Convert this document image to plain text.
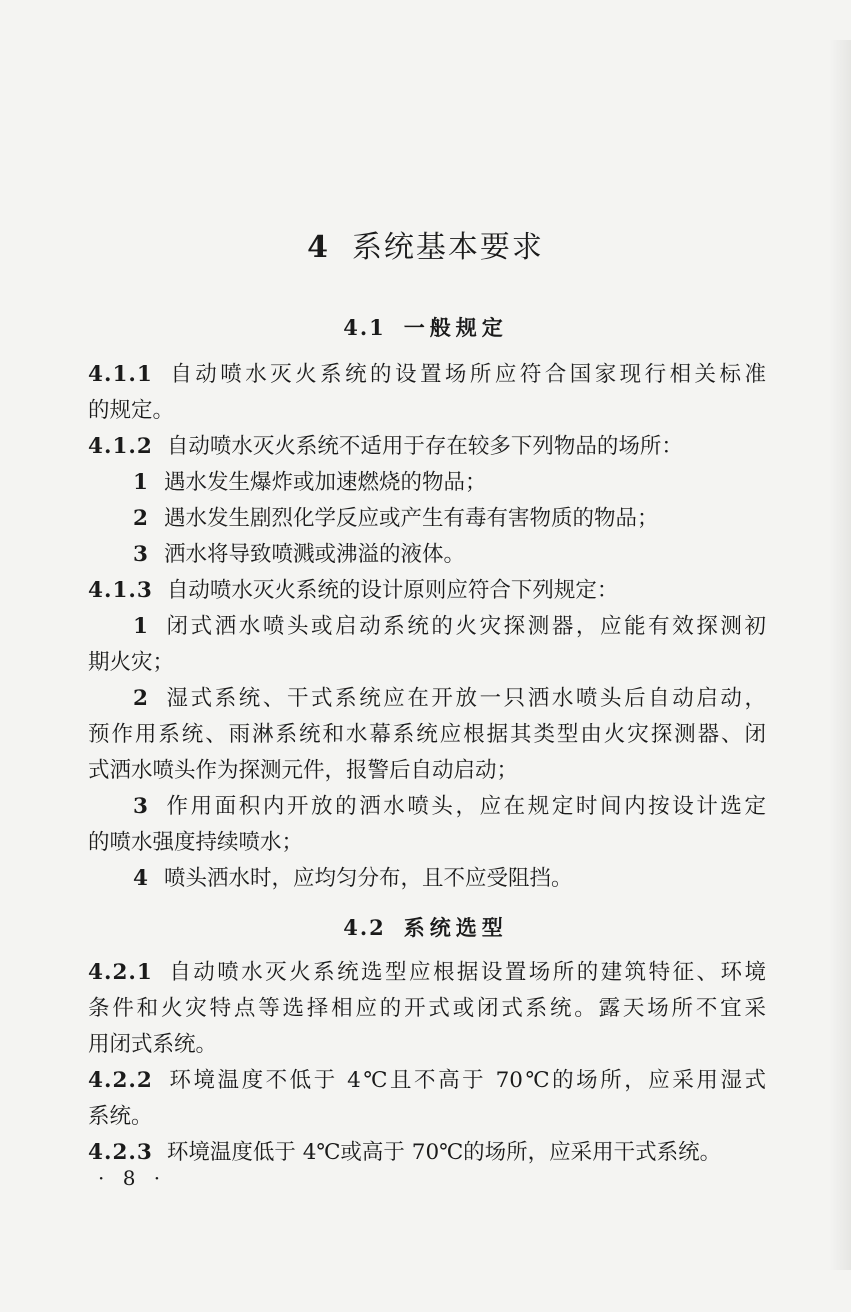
4 系统基本要求
4.1 一般规定
4.1.1 自动喷水灭火系统的设置场所应符合国家现行相关标准
的规定。
4.1.2 自动喷水灭火系统不适用于存在较多下列物品的场所：
1 遇水发生爆炸或加速燃烧的物品；
2 遇水发生剧烈化学反应或产生有毒有害物质的物品；
3 洒水将导致喷溅或沸溢的液体。
4.1.3 自动喷水灭火系统的设计原则应符合下列规定：
1 闭式洒水喷头或启动系统的火灾探测器，应能有效探测初
期火灾；
2 湿式系统、干式系统应在开放一只洒水喷头后自动启动，
预作用系统、雨淋系统和水幕系统应根据其类型由火灾探测器、闭
式洒水喷头作为探测元件，报警后自动启动；
3 作用面积内开放的洒水喷头，应在规定时间内按设计选定
的喷水强度持续喷水；
4 喷头洒水时，应均匀分布，且不应受阻挡。
4.2 系统选型
4.2.1 自动喷水灭火系统选型应根据设置场所的建筑特征、环境
条件和火灾特点等选择相应的开式或闭式系统。露天场所不宜采
用闭式系统。
4.2.2 环境温度不低于 4℃且不高于 70℃的场所，应采用湿式
系统。
4.2.3 环境温度低于 4℃或高于 70℃的场所，应采用干式系统。
· 8 ·
